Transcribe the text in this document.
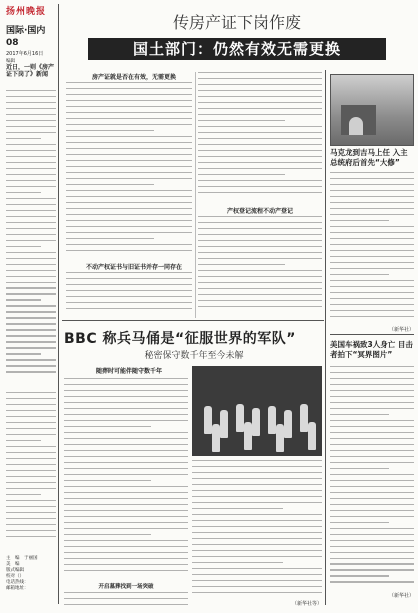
扬州晚报
国际·国内
08
2017年6月16日
编辑
近日，一则《房产证下岗了》新闻
主　编　于丽国
美　编　
版式编辑　
校对（）
电话热线：
邮箱地址：
传房产证下岗作废
国土部门：仍然有效无需更换
房产证就是否在有效，无需更换
不动产权证书与旧证书并存一同存在
产权登记流程不动产登记
马克龙到吉马上任 入主总统府后首先“大修”
（新华社）
美国车祸致3人身亡 目击者拍下“冥界图片”
（新华社）
BBC 称兵马俑是“征服世界的军队”
秘密保守数千年至今未解
随葬时可能伴随守数千年
开启墓葬找到一场突破
（新华社等）
